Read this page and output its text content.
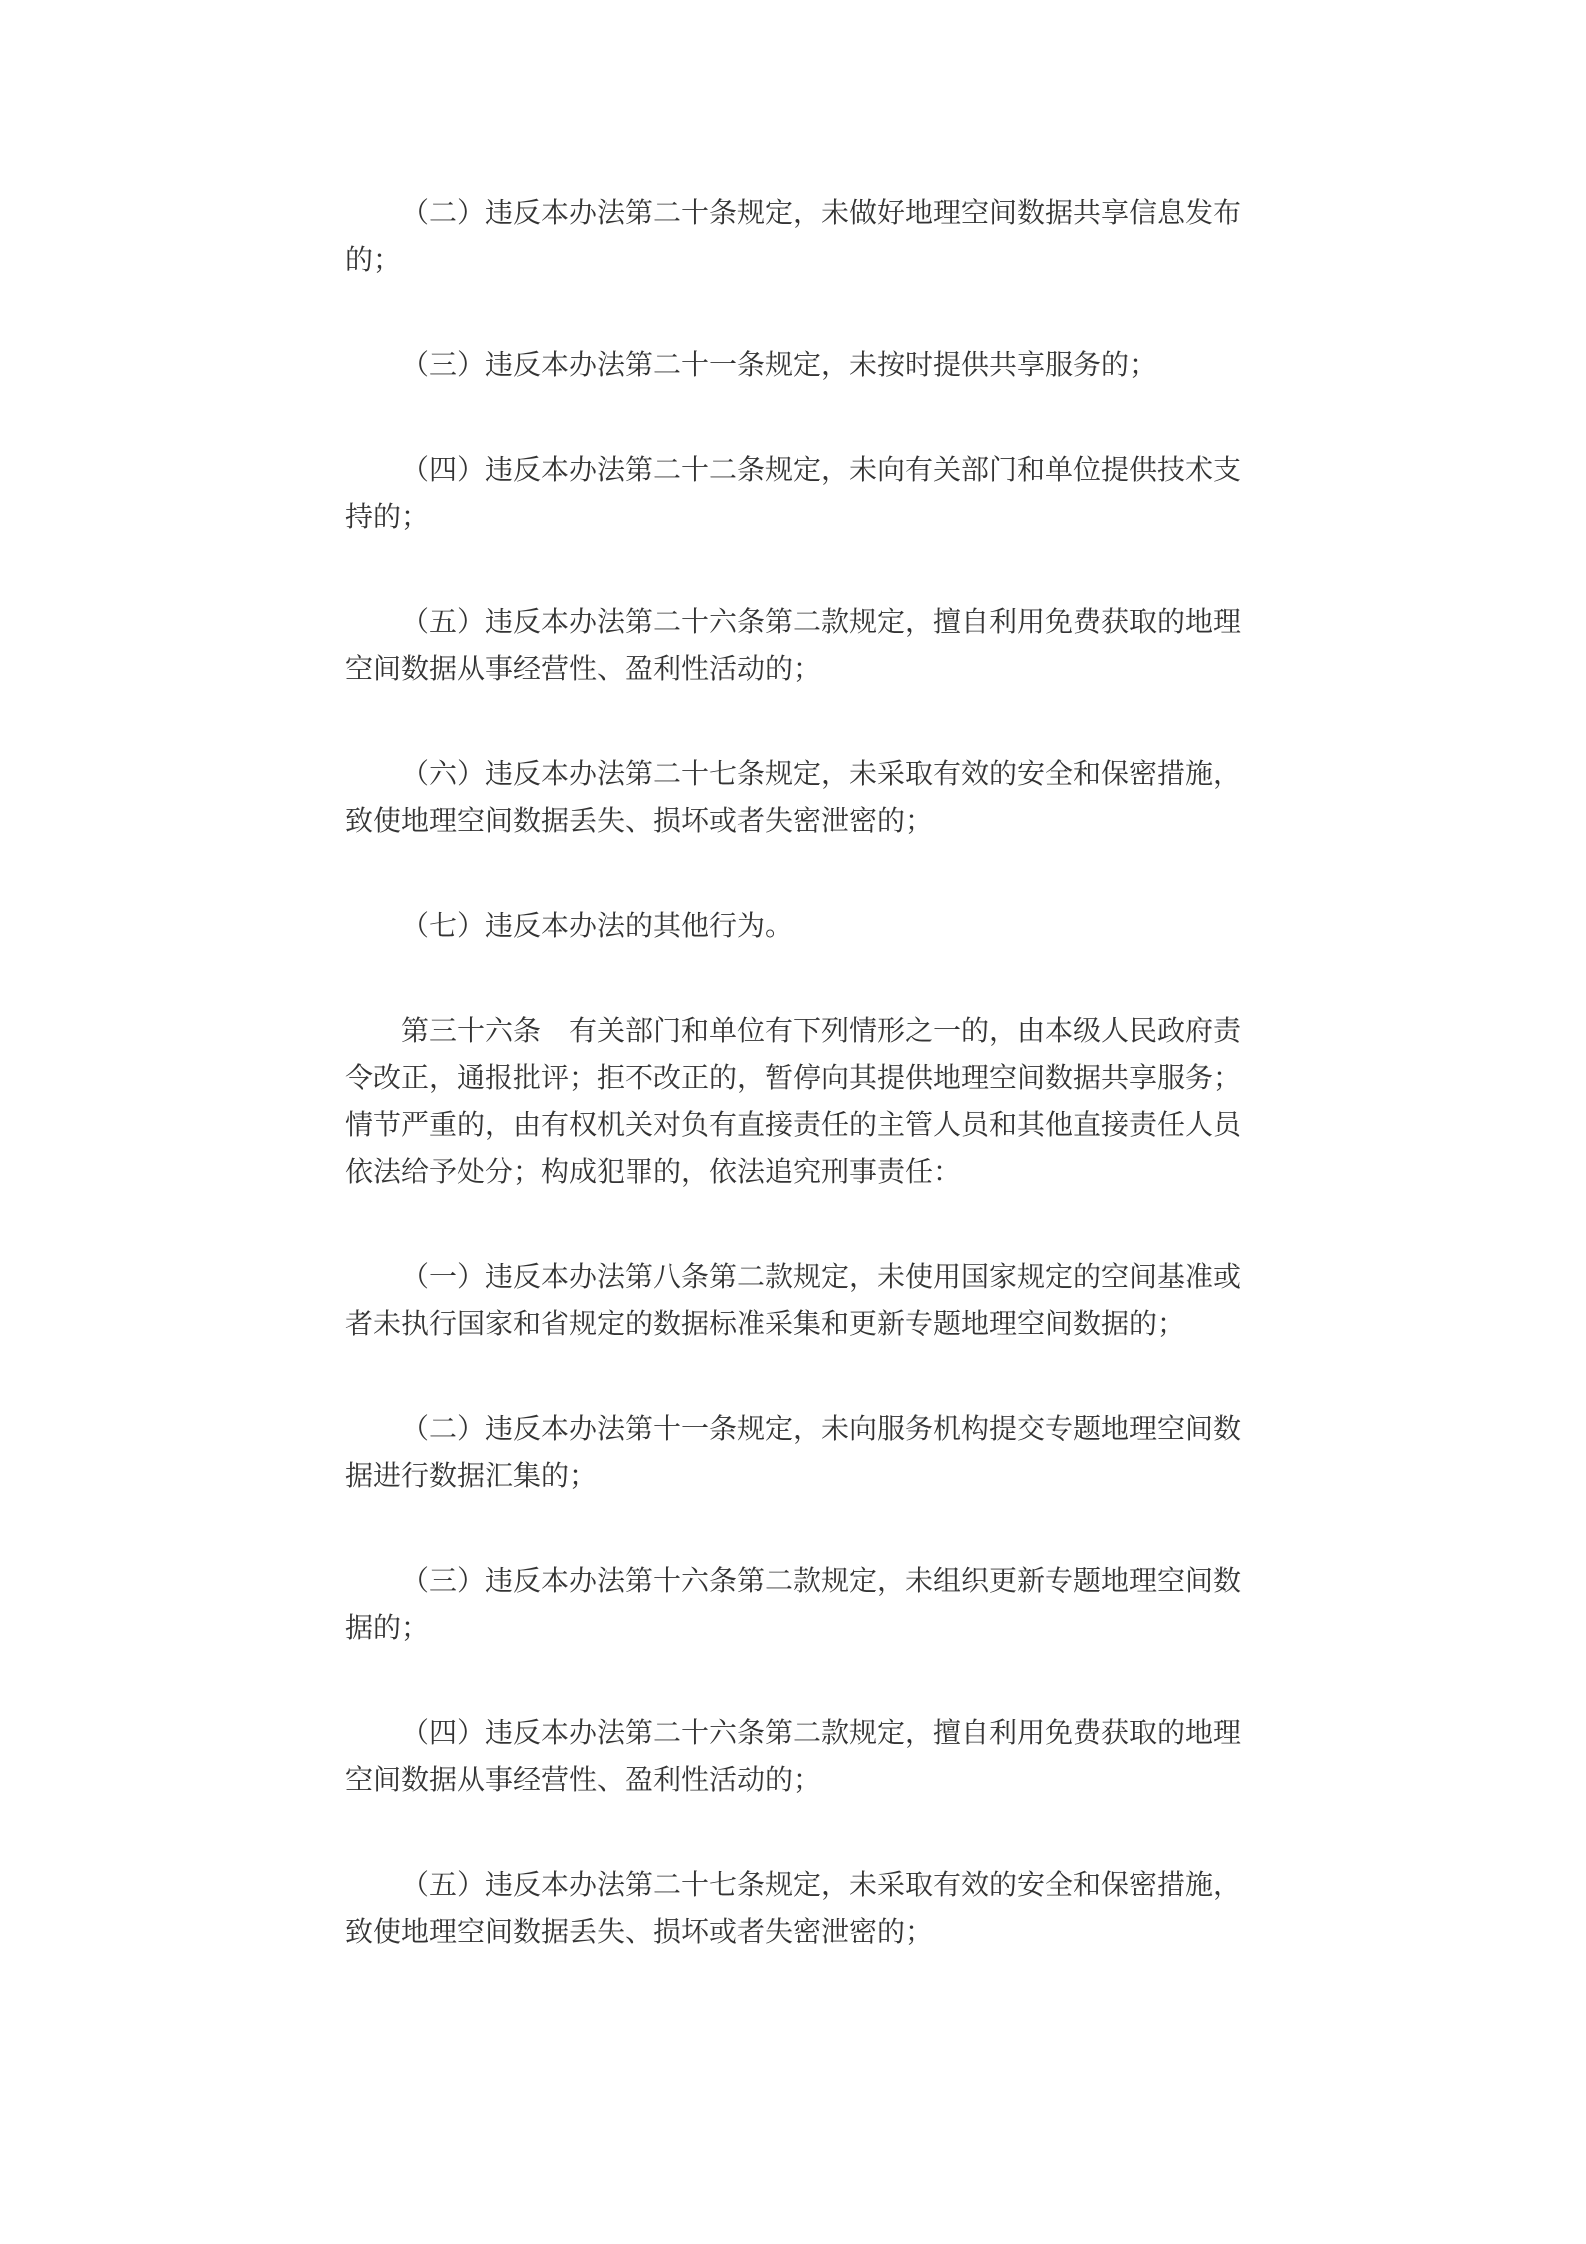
（二）违反本办法第二十条规定，未做好地理空间数据共享信息发布的；

（三）违反本办法第二十一条规定，未按时提供共享服务的；

（四）违反本办法第二十二条规定，未向有关部门和单位提供技术支持的；

（五）违反本办法第二十六条第二款规定，擅自利用免费获取的地理空间数据从事经营性、盈利性活动的；

（六）违反本办法第二十七条规定，未采取有效的安全和保密措施，致使地理空间数据丢失、损坏或者失密泄密的；

（七）违反本办法的其他行为。

第三十六条　有关部门和单位有下列情形之一的，由本级人民政府责令改正，通报批评；拒不改正的，暂停向其提供地理空间数据共享服务；情节严重的，由有权机关对负有直接责任的主管人员和其他直接责任人员依法给予处分；构成犯罪的，依法追究刑事责任：

（一）违反本办法第八条第二款规定，未使用国家规定的空间基准或者未执行国家和省规定的数据标准采集和更新专题地理空间数据的；

（二）违反本办法第十一条规定，未向服务机构提交专题地理空间数据进行数据汇集的；

（三）违反本办法第十六条第二款规定，未组织更新专题地理空间数据的；

（四）违反本办法第二十六条第二款规定，擅自利用免费获取的地理空间数据从事经营性、盈利性活动的；

（五）违反本办法第二十七条规定，未采取有效的安全和保密措施，致使地理空间数据丢失、损坏或者失密泄密的；
